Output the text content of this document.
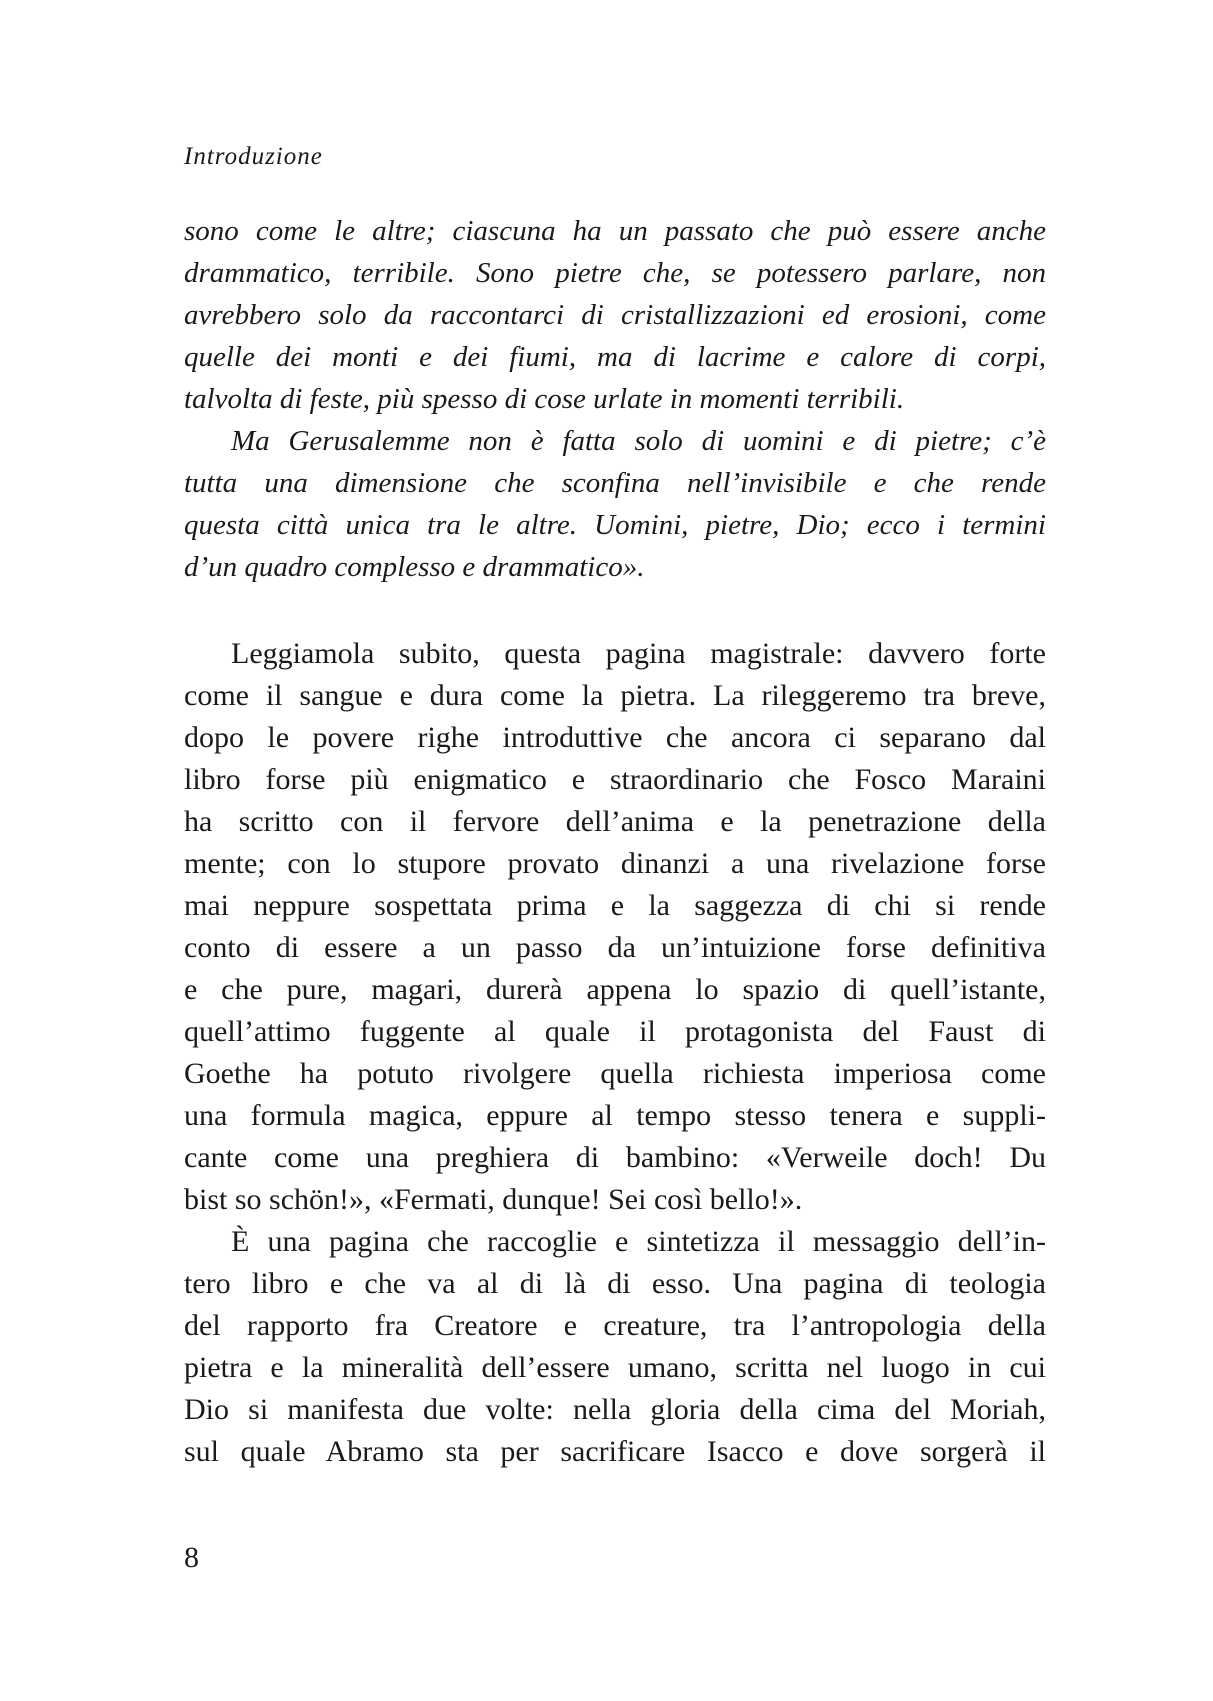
Introduzione
sono come le altre; ciascuna ha un passato che può essere anche
drammatico, terribile. Sono pietre che, se potessero parlare, non
avrebbero solo da raccontarci di cristallizzazioni ed erosioni, come
quelle dei monti e dei fiumi, ma di lacrime e calore di corpi,
talvolta di feste, più spesso di cose urlate in momenti terribili.
Ma Gerusalemme non è fatta solo di uomini e di pietre; c’è
tutta una dimensione che sconfina nell’invisibile e che rende
questa città unica tra le altre. Uomini, pietre, Dio; ecco i termini
d’un quadro complesso e drammatico».
Leggiamola subito, questa pagina magistrale: davvero forte
come il sangue e dura come la pietra. La rileggeremo tra breve,
dopo le povere righe introduttive che ancora ci separano dal
libro forse più enigmatico e straordinario che Fosco Maraini
ha scritto con il fervore dell’anima e la penetrazione della
mente; con lo stupore provato dinanzi a una rivelazione forse
mai neppure sospettata prima e la saggezza di chi si rende
conto di essere a un passo da un’intuizione forse definitiva
e che pure, magari, durerà appena lo spazio di quell’istante,
quell’attimo fuggente al quale il protagonista del Faust di
Goethe ha potuto rivolgere quella richiesta imperiosa come
una formula magica, eppure al tempo stesso tenera e suppli-
cante come una preghiera di bambino: «Verweile doch! Du
bist so schön!», «Fermati, dunque! Sei così bello!».
È una pagina che raccoglie e sintetizza il messaggio dell’in-
tero libro e che va al di là di esso. Una pagina di teologia
del rapporto fra Creatore e creature, tra l’antropologia della
pietra e la mineralità dell’essere umano, scritta nel luogo in cui
Dio si manifesta due volte: nella gloria della cima del Moriah,
sul quale Abramo sta per sacrificare Isacco e dove sorgerà il
8
